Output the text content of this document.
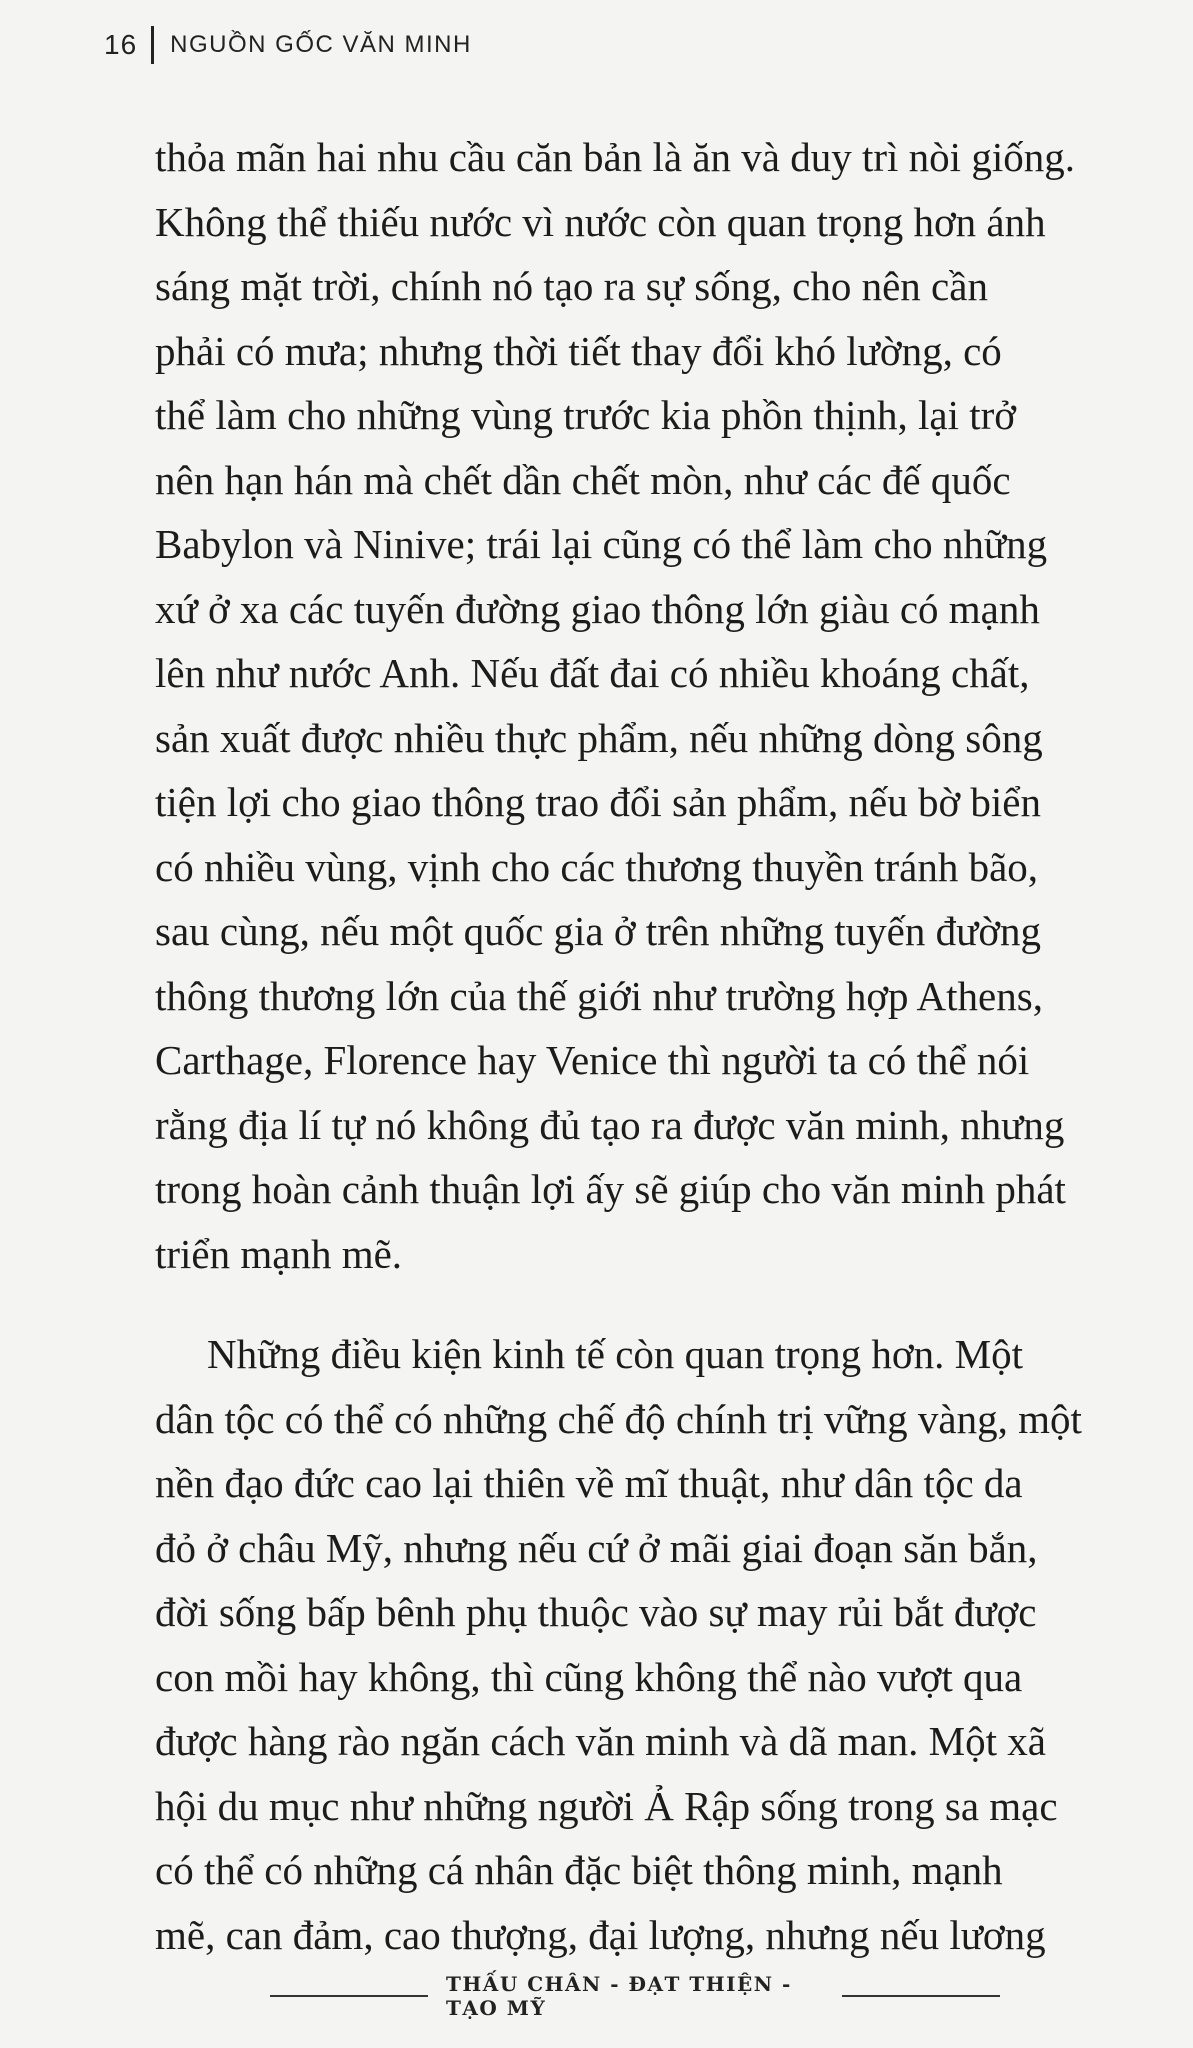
16 NGUỒN GỐC VĂN MINH
thỏa mãn hai nhu cầu căn bản là ăn và duy trì nòi giống.
Không thể thiếu nước vì nước còn quan trọng hơn ánh
sáng mặt trời, chính nó tạo ra sự sống, cho nên cần
phải có mưa; nhưng thời tiết thay đổi khó lường, có
thể làm cho những vùng trước kia phồn thịnh, lại trở
nên hạn hán mà chết dần chết mòn, như các đế quốc
Babylon và Ninive; trái lại cũng có thể làm cho những
xứ ở xa các tuyến đường giao thông lớn giàu có mạnh
lên như nước Anh. Nếu đất đai có nhiều khoáng chất,
sản xuất được nhiều thực phẩm, nếu những dòng sông
tiện lợi cho giao thông trao đổi sản phẩm, nếu bờ biển
có nhiều vùng, vịnh cho các thương thuyền tránh bão,
sau cùng, nếu một quốc gia ở trên những tuyến đường
thông thương lớn của thế giới như trường hợp Athens,
Carthage, Florence hay Venice thì người ta có thể nói
rằng địa lí tự nó không đủ tạo ra được văn minh, nhưng
trong hoàn cảnh thuận lợi ấy sẽ giúp cho văn minh phát
triển mạnh mẽ.
Những điều kiện kinh tế còn quan trọng hơn. Một
dân tộc có thể có những chế độ chính trị vững vàng, một
nền đạo đức cao lại thiên về mĩ thuật, như dân tộc da
đỏ ở châu Mỹ, nhưng nếu cứ ở mãi giai đoạn săn bắn,
đời sống bấp bênh phụ thuộc vào sự may rủi bắt được
con mồi hay không, thì cũng không thể nào vượt qua
được hàng rào ngăn cách văn minh và dã man. Một xã
hội du mục như những người Ả Rập sống trong sa mạc
có thể có những cá nhân đặc biệt thông minh, mạnh
mẽ, can đảm, cao thượng, đại lượng, nhưng nếu lương
THẤU CHÂN - ĐẠT THIỆN - TẠO MỸ
